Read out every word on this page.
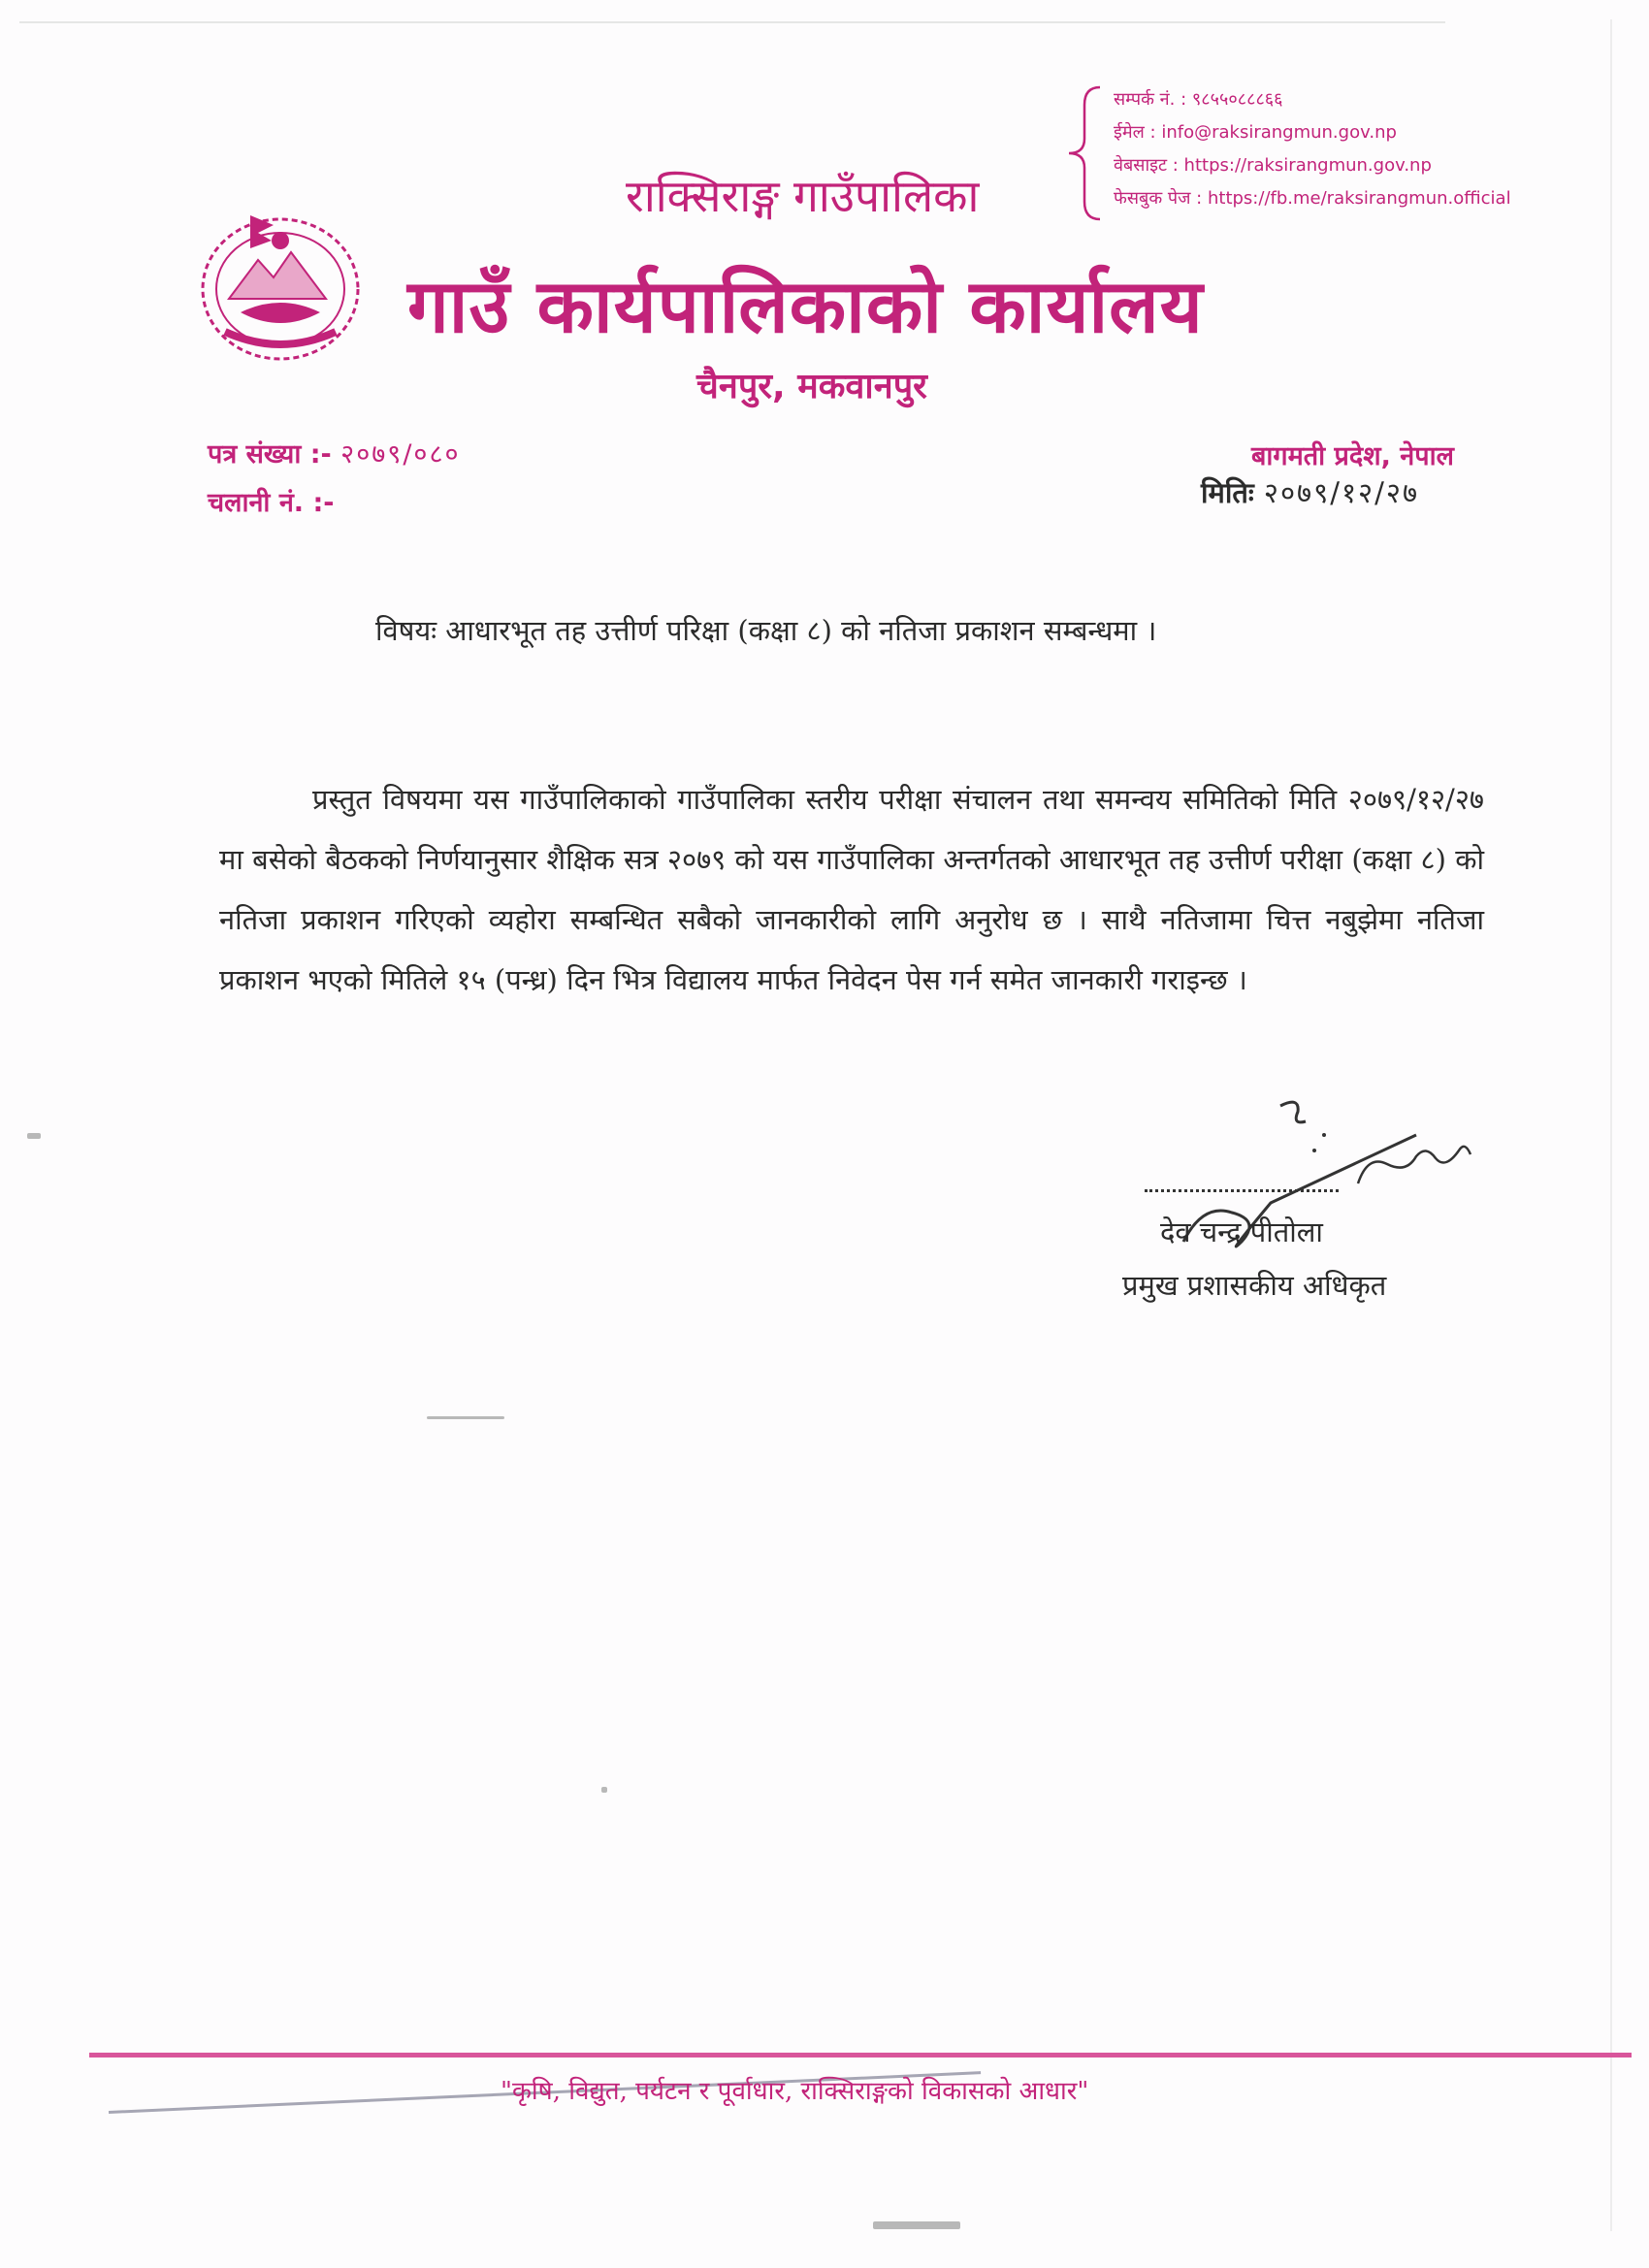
सम्पर्क नं. : ९८५५०८८८६६
ईमेल : info@raksirangmun.gov.np
वेबसाइट : https://raksirangmun.gov.np
फेसबुक पेज : https://fb.me/raksirangmun.official
राक्सिराङ्ग गाउँपालिका
गाउँ कार्यपालिकाको कार्यालय
चैनपुर, मकवानपुर
पत्र संख्या :- २०७९/०८०
चलानी नं. :-
बागमती प्रदेश, नेपाल
मितिः २०७९/१२/२७
विषयः आधारभूत तह उत्तीर्ण परिक्षा (कक्षा ८) को नतिजा प्रकाशन सम्बन्धमा ।
प्रस्तुत विषयमा यस गाउँपालिकाको गाउँपालिका स्तरीय परीक्षा संचालन तथा समन्वय समितिको मिति २०७९/१२/२७ मा बसेको बैठकको निर्णयानुसार शैक्षिक सत्र २०७९ को यस गाउँपालिका अन्तर्गतको आधारभूत तह उत्तीर्ण परीक्षा (कक्षा ८) को नतिजा प्रकाशन गरिएको व्यहोरा सम्बन्धित सबैको जानकारीको लागि अनुरोध छ । साथै नतिजामा चित्त नबुझेमा नतिजा प्रकाशन भएको मितिले १५ (पन्ध्र) दिन भित्र विद्यालय मार्फत निवेदन पेस गर्न समेत जानकारी गराइन्छ ।
देव चन्द्र पीताेला
प्रमुख प्रशासकीय अधिकृत
"कृषि, विद्युत, पर्यटन र पूर्वाधार, राक्सिराङ्गको विकासको आधार"
